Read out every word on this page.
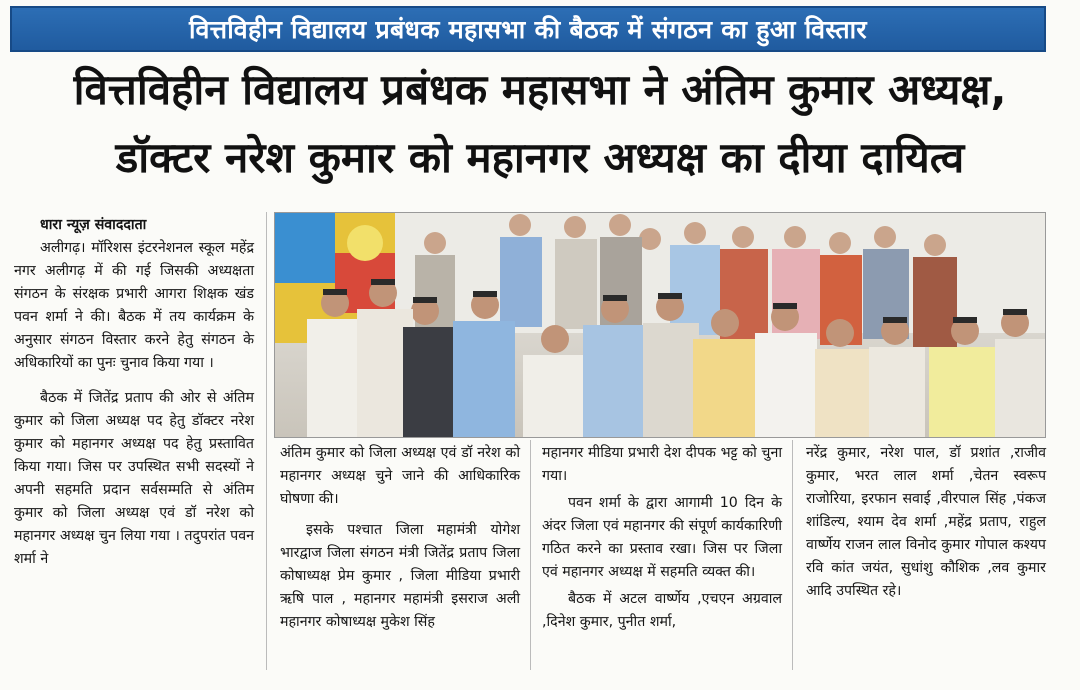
वित्तविहीन विद्यालय प्रबंधक महासभा की बैठक में संगठन का हुआ विस्तार
वित्तविहीन विद्यालय प्रबंधक महासभा ने अंतिम कुमार अध्यक्ष,
डॉक्टर नरेश कुमार को महानगर अध्यक्ष का दीया दायित्व

धारा न्यूज़ संवाददाता

अलीगढ़। मॉरिशस इंटरनेशनल स्कूल महेंद्र नगर अलीगढ़ में की गई जिसकी अध्यक्षता संगठन के संरक्षक प्रभारी आगरा शिक्षक खंड पवन शर्मा ने की। बैठक में तय कार्यक्रम के अनुसार संगठन विस्तार करने हेतु संगठन के अधिकारियों का पुनः चुनाव किया गया ।

बैठक में जितेंद्र प्रताप की ओर से अंतिम कुमार को जिला अध्यक्ष पद हेतु डॉक्टर नरेश कुमार को महानगर अध्यक्ष पद हेतु प्रस्तावित किया गया। जिस पर उपस्थित सभी सदस्यों ने अपनी सहमति प्रदान सर्वसम्मति से अंतिम कुमार को जिला अध्यक्ष एवं डॉ नरेश को महानगर अध्यक्ष चुन लिया गया । तदुपरांत पवन शर्मा ने

अंतिम कुमार को जिला अध्यक्ष एवं डॉ नरेश को महानगर अध्यक्ष चुने जाने की आधिकारिक घोषणा की।

इसके पश्चात जिला महामंत्री योगेश भारद्वाज जिला संगठन मंत्री जितेंद्र प्रताप जिला कोषाध्यक्ष प्रेम कुमार , जिला मीडिया प्रभारी ऋषि पाल , महानगर महामंत्री इसराज अली महानगर कोषाध्यक्ष मुकेश सिंह

महानगर मीडिया प्रभारी देश दीपक भट्ट को चुना गया।

पवन शर्मा के द्वारा आगामी 10 दिन के अंदर जिला एवं महानगर की संपूर्ण कार्यकारिणी गठित करने का प्रस्ताव रखा। जिस पर जिला एवं महानगर अध्यक्ष में सहमति व्यक्त की।

बैठक में अटल वार्ष्णेय ,एचएन अग्रवाल ,दिनेश कुमार, पुनीत शर्मा,

नरेंद्र कुमार, नरेश पाल, डॉ प्रशांत ,राजीव कुमार, भरत लाल शर्मा ,चेतन स्वरूप राजोरिया, इरफान सवाई ,वीरपाल सिंह ,पंकज शांडिल्य, श्याम देव शर्मा ,महेंद्र प्रताप, राहुल वार्ष्णेय राजन लाल विनोद कुमार गोपाल कश्यप रवि कांत जयंत, सुधांशु कौशिक ,लव कुमार आदि उपस्थित रहे।
